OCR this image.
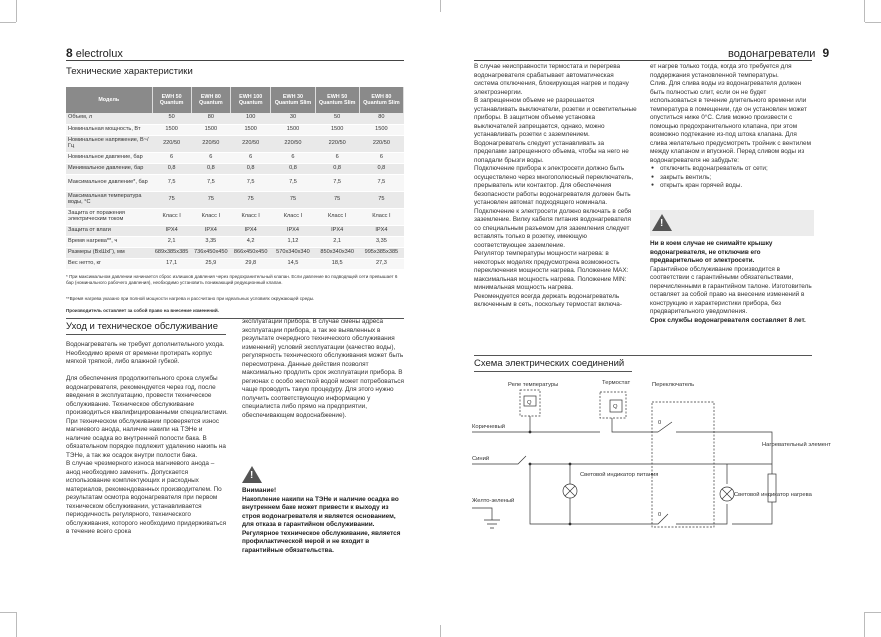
8 electrolux
Технические характеристики
Модель	EWH 50 Quantum	EWH 80 Quantum	EWH 100 Quantum	EWH 30 Quantum Slim	EWH 50 Quantum Slim	EWH 80 Quantum Slim
Объем, л	50	80	100	30	50	80
Номинальная мощность, Вт	1500	1500	1500	1500	1500	1500
Номинальное напряжение, В~/Гц	220/50	220/50	220/50	220/50	220/50	220/50
Номинальное давление, бар	6	6	6	6	6	6
Минимальное давление, бар	0,8	0,8	0,8	0,8	0,8	0,8
Максимальное давление*, бар	7,5	7,5	7,5	7,5	7,5	7,5
Максимальная температура воды, °С	75	75	75	75	75	75
Защита от поражения электрическим током	Класс I	Класс I	Класс I	Класс I	Класс I	Класс I
Защита от влаги	IPX4	IPX4	IPX4	IPX4	IPX4	IPX4
Время нагрева**, ч	2,1	3,35	4,2	1,12	2,1	3,35
Размеры (ВхШхГ), мм	689х385х385	736х450х450	866х450х450	570х340х340	850х340х340	995х385х385
Вес нетто, кг	17,1	25,9	29,8	14,5	18,5	27,3
* При максимальном давлении начинается сброс излишков давления через предохранительный клапан. Если давление во подводящей сети превышает 6 бар (номинального рабочего давления), необходимо установить понижающий редукционный клапан.
**Время нагрева указано при полной мощности нагрева и рассчитано при идеальных условиях окружающей среды.
Производитель оставляет за собой право на внесение изменений.
Уход и техническое обслуживание
Водонагреватель не требует дополнительного ухода. Необходимо время от времени протирать корпус мягкой тряпкой, либо влажной губкой.

Для обеспечения продолжительного срока службы водонагревателя, рекомендуется через год, после введения в эксплуатацию, провести техническое обслуживание. Техническое обслуживание производиться квалифицированными специалистами. При техническом обслуживании проверяется износ магниевого анода, наличие накипи на ТЭНе и наличие осадка во внутренней полости бака. В обязательном порядке подлежит удалению накипь на ТЭНе, а так же осадок внутри полости бака.
В случае чрезмерного износа магниевого анода – анод необходимо заменить. Допускается использование комплектующих и расходных материалов, рекомендованных производителем. По результатам осмотра водонагревателя при первом техническом обслуживании, устанавливается периодичность регулярного, технического обслуживания, которого необходимо придерживаться в течение всего срока
эксплуатации прибора. В случае смены адреса эксплуатации прибора, а так же выявленных в результате очередного технического обслуживания изменений) условий эксплуатации (качество воды), регулярность технического обслуживания может быть пересмотрена. Данные действия позволят максимально продлить срок эксплуатации прибора. В регионах с особо жесткой водой может потребоваться чаще проводить такую процедуру. Для этого нужно получить соответствующую информацию у специалиста либо прямо на предприятии, обеспечивающем водоснабжение).
!

Внимание!

Накопление накипи на ТЭНе и наличие осадка во внутреннем баке может привести к выходу из строя водонагревателя и является основанием, для отказа в гарантийном обслуживании. Регулярное техническое обслуживание, является профилактической мерой и не входит в гарантийные обязательства.

водонагреватели 9
В случае неисправности термостата и перегрева водонагревателя срабатывает автоматическая система отключения, блокирующая нагрев и подачу электроэнергии.
В запрещенном объеме не разрешается устанавливать выключатели, розетки и осветительные приборы. В защитном объеме установка выключателей запрещается, однако, можно устанавливать розетки с заземлением.
Водонагреватель следует устанавливать за пределами запрещенного объема, чтобы на него не попадали брызги воды.
Подключение прибора к электросети должно быть осуществлено через многополюсный переключатель, прерыватель или контактор. Для обеспечения безопасности работы водонагревателя должен быть установлен автомат подходящего номинала.
Подключение к электросети должно включать в себя заземление. Вилку кабеля питания водонагревателя со специальным разъемом для заземления следует вставлять только в розетку, имеющую соответствующее заземление.
Регулятор температуры мощности нагрева: в некоторых моделях предусмотрена возможность переключения мощности нагрева. Положение MAX: максимальная мощность нагрева. Положение MIN: минимальная мощность нагрева.
Рекомендуется всегда держать водонагреватель включенным в сеть, поскольку термостат включа-

ет нагрев только тогда, когда это требуется для поддержания установленной температуры.
Слив. Для слива воды из водонагревателя должен быть полностью слит, если он не будет использоваться в течение длительного времени или температура в помещении, где он установлен может опуститься ниже 0°С. Слив можно произвести с помощью предохранительного клапана, при этом возможно подтекание из-под штока клапана. Для слива желательно предусмотреть тройник с вентилем между клапаном и впускной. Перед сливом воды из водонагревателя не забудьте:

● отключить водонагреватель от сети;

● закрыть вентиль;

● открыть кран горячей воды.

!

Ни в коем случае не снимайте крышку водонагревателя, не отключив его предварительно от электросети.

Гарантийное обслуживание производится в соответствии с гарантийными обязательствами, перечисленными в гарантийном талоне. Изготовитель оставляет за собой право на внесение изменений в конструкцию и характеристики прибора, без предварительного уведомления.

Срок службы водонагревателя составляет 8 лет.

Схема электрических соединений
Реле температуры	Термостат	Переключатель
Коричневый
Синий
Желто-зеленый
Световой индикатор питания
Нагревательный элемент
Световой индикатор нагрева
Q
Q
0
0
